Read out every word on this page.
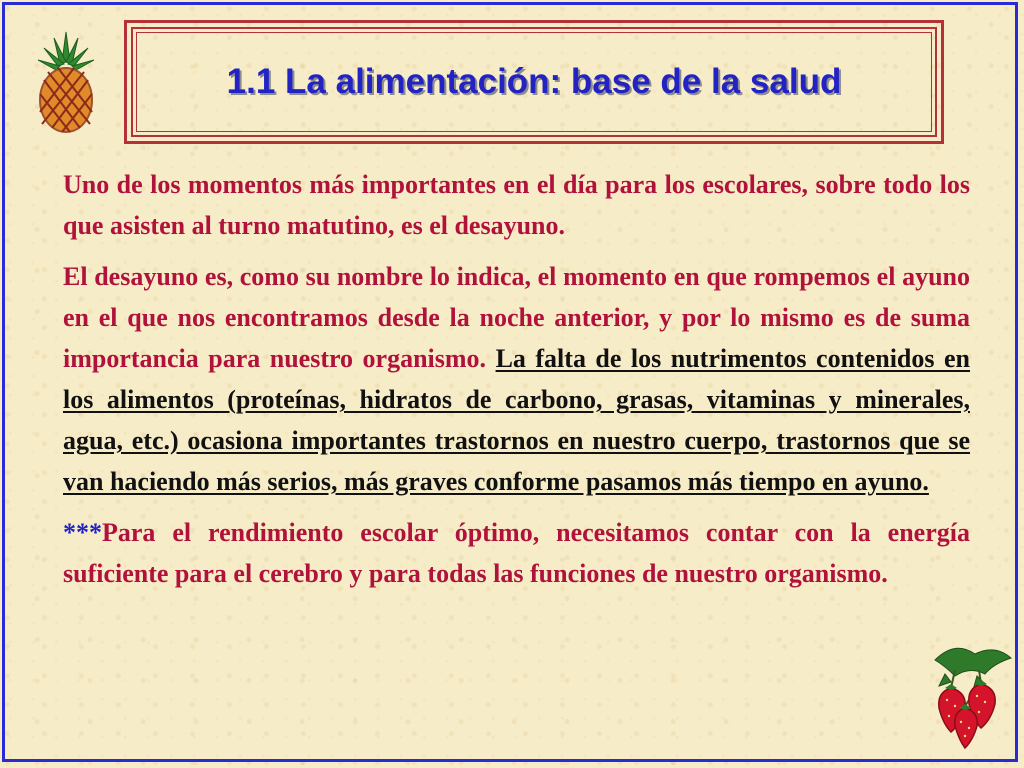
1.1 La alimentación: base de la salud

Uno de los momentos más importantes en el día para los escolares, sobre todo los que asisten al turno matutino, es el desayuno.

El desayuno es, como su nombre lo indica, el momento en que rompemos el ayuno en el que nos encontramos desde la noche anterior, y por lo mismo es de suma importancia para nuestro organismo. La falta de los nutrimentos contenidos en los alimentos (proteínas, hidratos de carbono, grasas, vitaminas y minerales, agua, etc.) ocasiona importantes trastornos en nuestro cuerpo, trastornos que se van haciendo más serios, más graves conforme pasamos más tiempo en ayuno.

***Para el rendimiento escolar óptimo, necesitamos contar con la energía suficiente para el cerebro y para todas las funciones de nuestro organismo.
